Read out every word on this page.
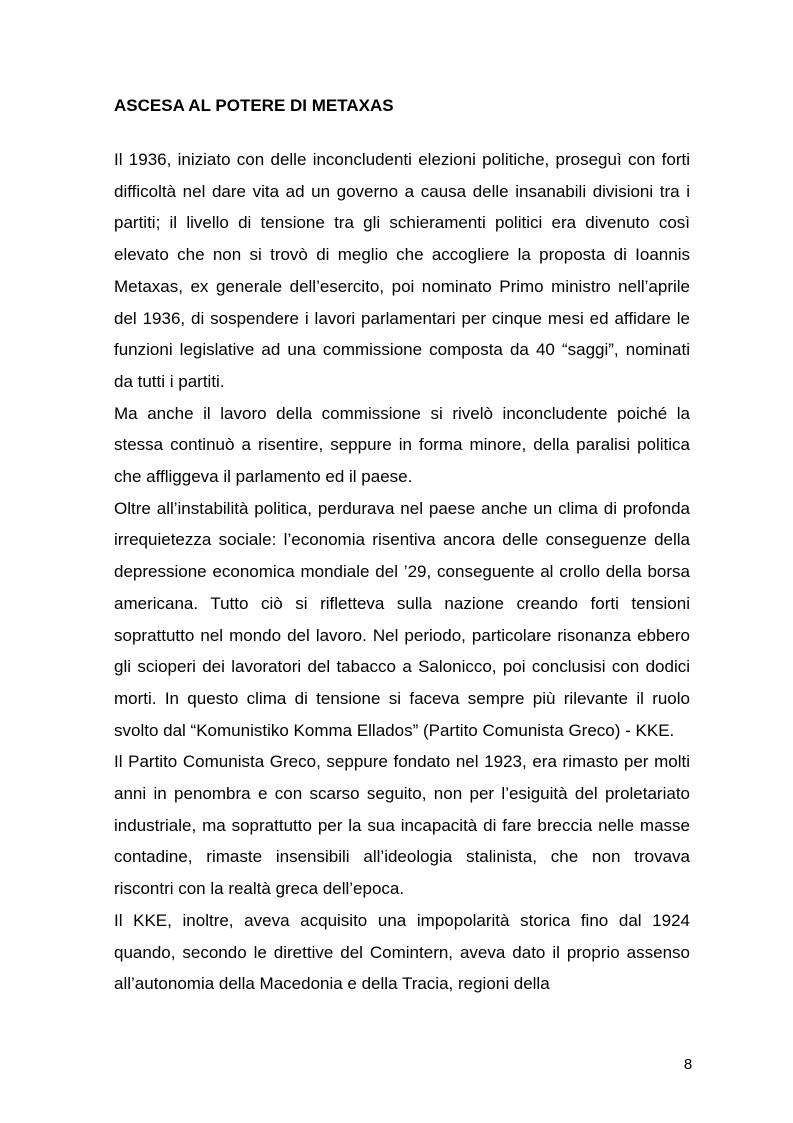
ASCESA AL POTERE DI METAXAS

Il 1936, iniziato con delle inconcludenti elezioni politiche, proseguì con forti difficoltà nel dare vita ad un governo a causa delle insanabili divisioni tra i partiti; il livello di tensione tra gli schieramenti politici era divenuto così elevato che non si trovò di meglio che accogliere la proposta di Ioannis Metaxas, ex generale dell’esercito, poi nominato Primo ministro nell’aprile del 1936, di sospendere i lavori parlamentari per cinque mesi ed affidare le funzioni legislative ad una commissione composta da 40 “saggi”, nominati da tutti i partiti.

Ma anche il lavoro della commissione si rivelò inconcludente poiché la stessa continuò a risentire, seppure in forma minore, della paralisi politica che affliggeva il parlamento ed il paese.

Oltre all’instabilità politica, perdurava nel paese anche un clima di profonda irrequietezza sociale: l’economia risentiva ancora delle conseguenze della depressione economica mondiale del ’29, conseguente al crollo della borsa americana. Tutto ciò si rifletteva sulla nazione creando forti tensioni soprattutto nel mondo del lavoro. Nel periodo, particolare risonanza ebbero gli scioperi dei lavoratori del tabacco a Salonicco, poi conclusisi con dodici morti. In questo clima di tensione si faceva sempre più rilevante il ruolo svolto dal “Komunistiko Komma Ellados” (Partito Comunista Greco) - KKE.

Il Partito Comunista Greco, seppure fondato nel 1923, era rimasto per molti anni in penombra e con scarso seguito, non per l’esiguità del proletariato industriale, ma soprattutto per la sua incapacità di fare breccia nelle masse contadine, rimaste insensibili all’ideologia stalinista, che non trovava riscontri con la realtà greca dell’epoca.

Il KKE, inoltre, aveva acquisito una impopolarità storica fino dal 1924 quando, secondo le direttive del Comintern, aveva dato il proprio assenso all’autonomia della Macedonia e della Tracia, regioni della

8
